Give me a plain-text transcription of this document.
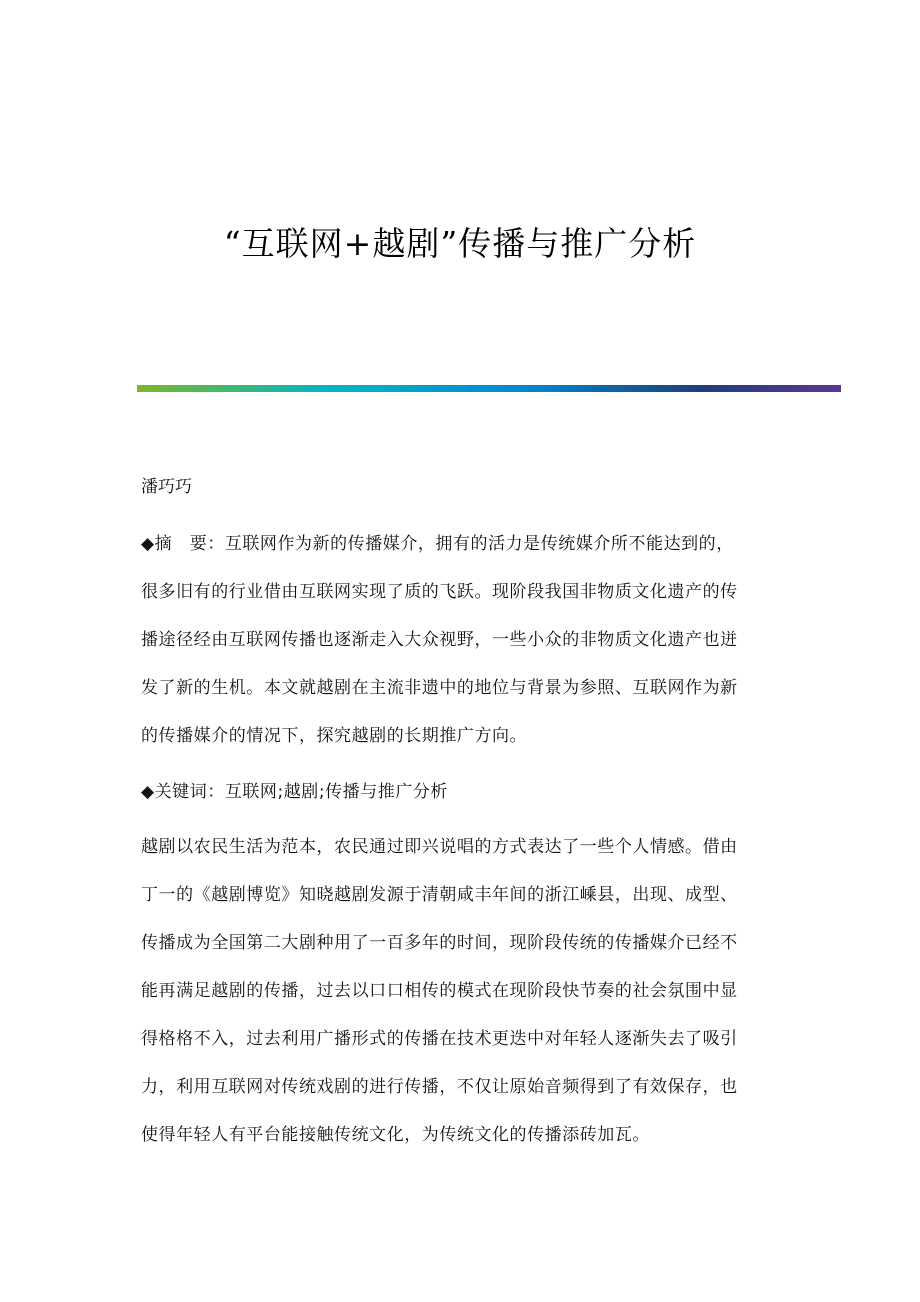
“互联网+越剧”传播与推广分析
潘巧巧
◆摘　要：互联网作为新的传播媒介，拥有的活力是传统媒介所不能达到的，
很多旧有的行业借由互联网实现了质的飞跃。现阶段我国非物质文化遗产的传
播途径经由互联网传播也逐渐走入大众视野，一些小众的非物质文化遗产也迸
发了新的生机。本文就越剧在主流非遗中的地位与背景为参照、互联网作为新
的传播媒介的情况下，探究越剧的长期推广方向。
◆关键词：互联网;越剧;传播与推广分析
越剧以农民生活为范本，农民通过即兴说唱的方式表达了一些个人情感。借由
丁一的《越剧博览》知晓越剧发源于清朝咸丰年间的浙江嵊县，出现、成型、
传播成为全国第二大剧种用了一百多年的时间，现阶段传统的传播媒介已经不
能再满足越剧的传播，过去以口口相传的模式在现阶段快节奏的社会氛围中显
得格格不入，过去利用广播形式的传播在技术更迭中对年轻人逐渐失去了吸引
力，利用互联网对传统戏剧的进行传播，不仅让原始音频得到了有效保存，也
使得年轻人有平台能接触传统文化，为传统文化的传播添砖加瓦。
